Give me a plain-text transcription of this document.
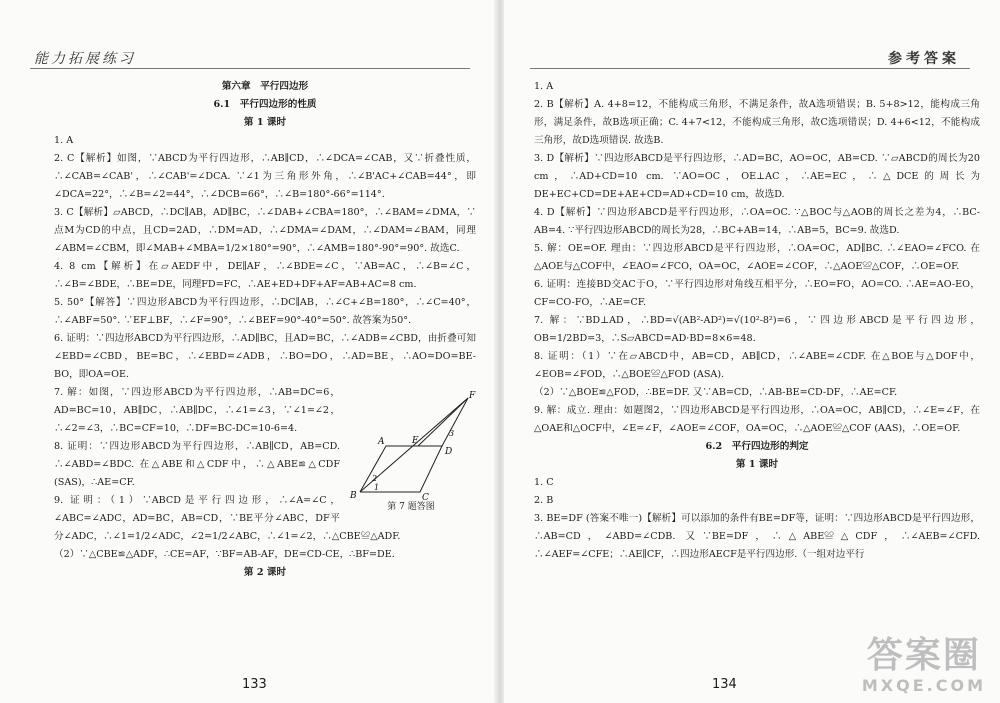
能力拓展练习

第六章　平行四边形

6.1　平行四边形的性质

第 1 课时

1. A

2. C【解析】如图，∵ABCD为平行四边形，∴AB∥CD，∴∠DCA=∠CAB，又∵折叠性质，∴∠CAB=∠CAB'，∴∠CAB'=∠DCA. ∵∠1为三角形外角，∴∠B'AC+∠CAB=44°，即∠DCA=22°，∴∠B=∠2=44°，∴∠DCB=66°，∴∠B=180°-66°=114°.

3. C【解析】▱ABCD，∴DC∥AB，AD∥BC，∴∠DAB+∠CBA=180°，∴∠BAM=∠DMA，∵点M为CD的中点，且CD=2AD，∴DM=AD，∴∠DMA=∠DAM，∴∠DAM=∠BAM，同理∠ABM=∠CBM，即∠MAB+∠MBA=1/2×180°=90°，∴∠AMB=180°-90°=90°. 故选C.

4. 8 cm【解析】在▱AEDF中，DE∥AF，∴∠BDE=∠C，∵AB=AC，∴∠B=∠C，∴∠B=∠BDE，∴BE=DE，同理FD=FC，∴AE+ED+DF+AF=AB+AC=8 cm.

5. 50°【解答】∵四边形ABCD为平行四边形，∴DC∥AB，∴∠C+∠B=180°，∴∠C=40°，∴∠ABF=50°. ∵EF⊥BF，∴∠F=90°，∴∠BEF=90°-40°=50°. 故答案为50°.

6. 证明：∵四边形ABCD为平行四边形，∴AD∥BC，且AD=BC，∴∠ADB=∠CBD，由折叠可知∠EBD=∠CBD，BE=BC，∴∠EBD=∠ADB，∴BO=DO，∴AD=BE，∴AO=DO=BE-BO，即OA=OE.

A	E
D
F
3
2
1
B	C
第 7 题答图

7. 解：如图，∵四边形ABCD为平行四边形，∴AB=DC=6，AD=BC=10，AB∥DC，∴AB∥DC，∴∠1=∠3，∵∠1=∠2，∴∠2=∠3，∴BC=CF=10，∴DF=BC-DC=10-6=4.

8. 证明：∵四边形ABCD为平行四边形，∴AB∥CD，AB=CD. ∴∠ABD=∠BDC. 在△ABE和△CDF中，∴△ABE≌△CDF (SAS)，∴AE=CF.

9. 证明：（1）∵ABCD是平行四边形，∴∠A=∠C，∠ABC=∠ADC，AD=BC，AB=CD，∵BE平分∠ABC，DF平分∠ADC，∴∠1=1/2∠ADC，∠2=1/2∠ABC，∴∠1=∠2，∴△CBE≌△ADF.

（2）∵△CBE≌△ADF，∴CE=AF，∵BF=AB-AF，DE=CD-CE，∴BF=DE.

第 2 课时

133
参考答案

1. A

2. B【解析】A. 4+8=12，不能构成三角形，不满足条件，故A选项错误；B. 5+8>12，能构成三角形，满足条件，故B选项正确；C. 4+7<12，不能构成三角形，故C选项错误；D. 4+6<12，不能构成三角形，故D选项错误. 故选B.

3. D【解析】∵四边形ABCD是平行四边形，∴AD=BC，AO=OC，AB=CD. ∵▱ABCD的周长为20 cm，∴AD+CD=10 cm. ∵AO=OC，OE⊥AC，∴AE=EC，∴△DCE的周长为DE+EC+CD=DE+AE+CD=AD+CD=10 cm，故选D.

4. D【解析】∵四边形ABCD是平行四边形，∴OA=OC. ∵△BOC与△AOB的周长之差为4，∴BC-AB=4. ∵平行四边形ABCD的周长为28，∴BC+AB=14，∴AB=5，BC=9. 故选D.

5. 解：OE=OF. 理由：∵四边形ABCD是平行四边形，∴OA=OC，AD∥BC. ∴∠EAO=∠FCO. 在△AOE与△COF中，∠EAO=∠FCO，OA=OC，∠AOE=∠COF，∴△AOE≌△COF，∴OE=OF.

6. 证明：连接BD交AC于O，∵平行四边形对角线互相平分，∴EO=FO，AO=CO. ∴AE=AO-EO，CF=CO-FO，∴AE=CF.

7. 解：∵BD⊥AD，∴BD=√(AB²-AD²)=√(10²-8²)=6，∵四边形ABCD是平行四边形，OB=1/2BD=3，∴S▱ABCD=AD·BD=8×6=48.

8. 证明：（1）∵在▱ABCD中，AB=CD，AB∥CD，∴∠ABE=∠CDF. 在△BOE与△DOF中，∠EOB=∠FOD，∴△BOE≌△FOD (ASA).

（2）∵△BOE≌△FOD，∴BE=DF. 又∵AB=CD，∴AB-BE=CD-DF，∴AE=CF.

9. 解：成立. 理由：如题图2，∵四边形ABCD是平行四边形，∴OA=OC，AB∥CD，∴∠E=∠F，在△OAE和△OCF中，∠E=∠F，∠AOE=∠COF，OA=OC，∴△AOE≌△COF (AAS)，∴OE=OF.

6.2　平行四边形的判定

第 1 课时

1. C

2. B

3. BE=DF (答案不唯一)【解析】可以添加的条件有BE=DF等，证明：∵四边形ABCD是平行四边形，∴AB=CD，∠ABD=∠CDB. 又∵BE=DF，∴△ABE≌△CDF，∴∠AEB=∠CFD. ∴∠AEF=∠CFE；∴AE∥CF，∴四边形AECF是平行四边形.（一组对边平行

134
答案圈
MXQE.COM
